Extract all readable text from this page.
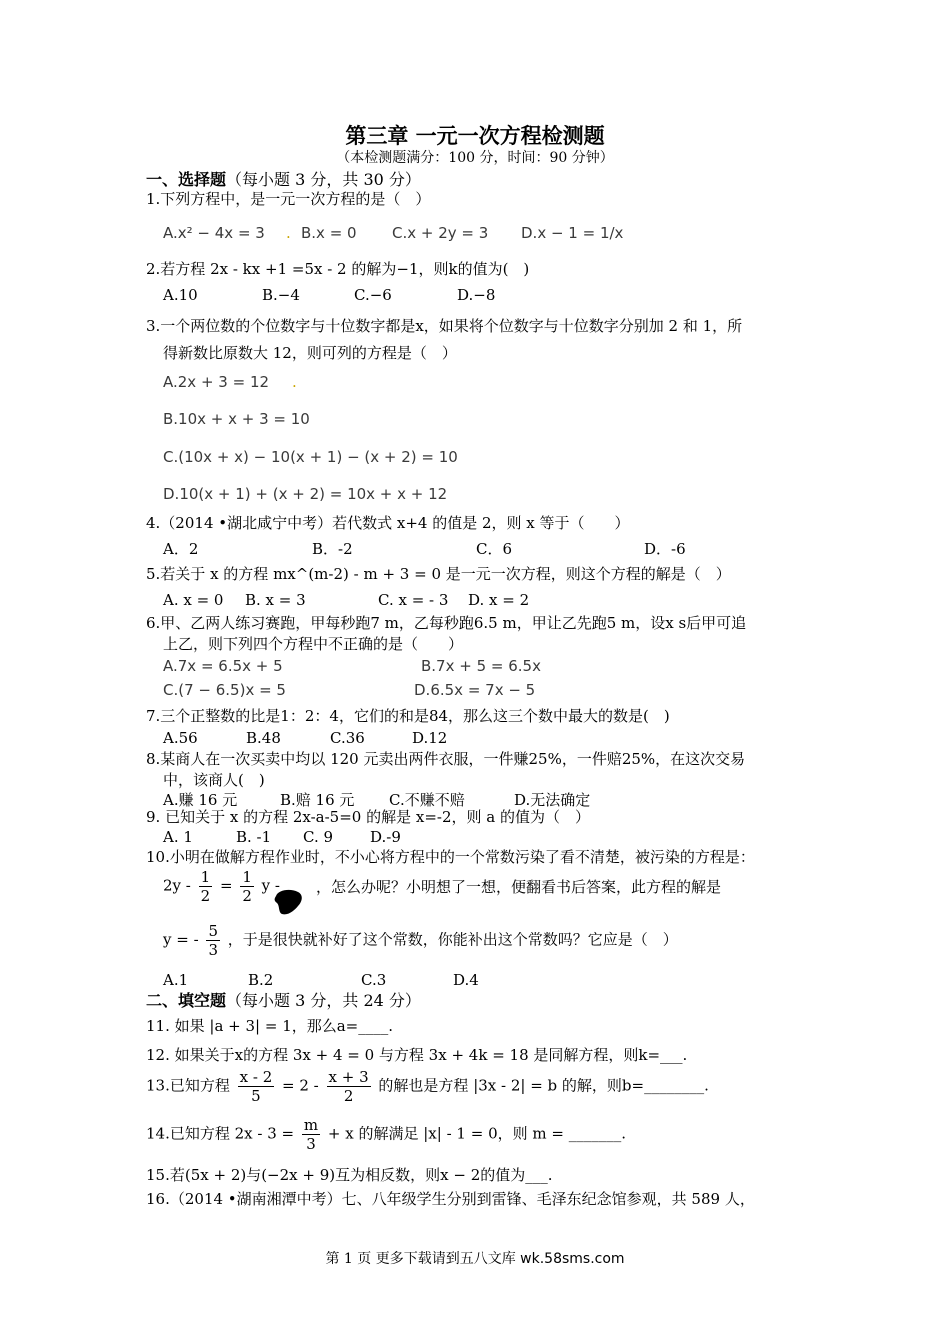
第三章 一元一次方程检测题
（本检测题满分：100 分，时间：90 分钟）
一、选择题（每小题 3 分，共 30 分）
1.下列方程中，是一元一次方程的是（　）
A.x² − 4x = 3 . B.x = 0 C.x + 2y = 3 D.x − 1 = 1/x
2.若方程 2x - kx +1 =5x - 2 的解为−1，则k的值为(　)
A.10	B.−4	C.−6	D.−8
3.一个两位数的个位数字与十位数字都是x，如果将个位数字与十位数字分别加 2 和 1，所
得新数比原数大 12，则可列的方程是（　）
A.2x + 3 = 12 .
B.10x + x + 3 = 10
C.(10x + x) − 10(x + 1) − (x + 2) = 10
D.10(x + 1) + (x + 2) = 10x + x + 12
4.（2014 •湖北咸宁中考）若代数式 x+4 的值是 2，则 x 等于（　　）
A．2	B．-2	C．6	D．-6
5.若关于 x 的方程 mx^(m-2) - m + 3 = 0 是一元一次方程，则这个方程的解是（　）
A. x = 0 B. x = 3	C. x = - 3 D. x = 2
6.甲、乙两人练习赛跑，甲每秒跑7 m，乙每秒跑6.5 m，甲让乙先跑5 m，设x s后甲可追
上乙，则下列四个方程中不正确的是（　　）
A.7x = 6.5x + 5	B.7x + 5 = 6.5x
C.(7 − 6.5)x = 5	D.6.5x = 7x − 5
7.三个正整数的比是1：2：4，它们的和是84，那么这三个数中最大的数是(　)
A.56	B.48	C.36	D.12
8.某商人在一次买卖中均以 120 元卖出两件衣服，一件赚25%，一件赔25%，在这次交易
中，该商人(　)
A.赚 16 元	B.赔 16 元 C.不赚不赔	D.无法确定
9. 已知关于 x 的方程 2x-a-5=0 的解是 x=-2，则 a 的值为（　）
A. 1	B. -1 C. 9 D.-9
10.小明在做解方程作业时，不小心将方程中的一个常数污染了看不清楚，被污染的方程是：
$2y - \frac{1}{2} = \frac{1}{2}$ y - ，怎么办呢？小明想了一想，便翻看书后答案，此方程的解是
y = - $\frac{5}{3}$ ，于是很快就补好了这个常数，你能补出这个常数吗？它应是（　）
A.1	B.2	C.3	D.4
二、填空题（每小题 3 分，共 24 分）
11. 如果 |a + 3| = 1，那么a=____.
12. 如果关于x的方程 3x + 4 = 0 与方程 3x + 4k = 18 是同解方程，则k=___.
13.已知方程 $\frac{x - 2}{5} = 2 - \frac{x + 3}{2}$ 的解也是方程 |3x - 2| = b 的解，则b=________.
14.已知方程 $2x - 3 = \frac{m}{3} + x$ 的解满足 |x| - 1 = 0，则 m = _______.
15.若(5x + 2)与(−2x + 9)互为相反数，则x − 2的值为___.
16.（2014 •湖南湘潭中考）七、八年级学生分别到雷锋、毛泽东纪念馆参观，共 589 人，
第 1 页 更多下载请到五八文库 wk.58sms.com
